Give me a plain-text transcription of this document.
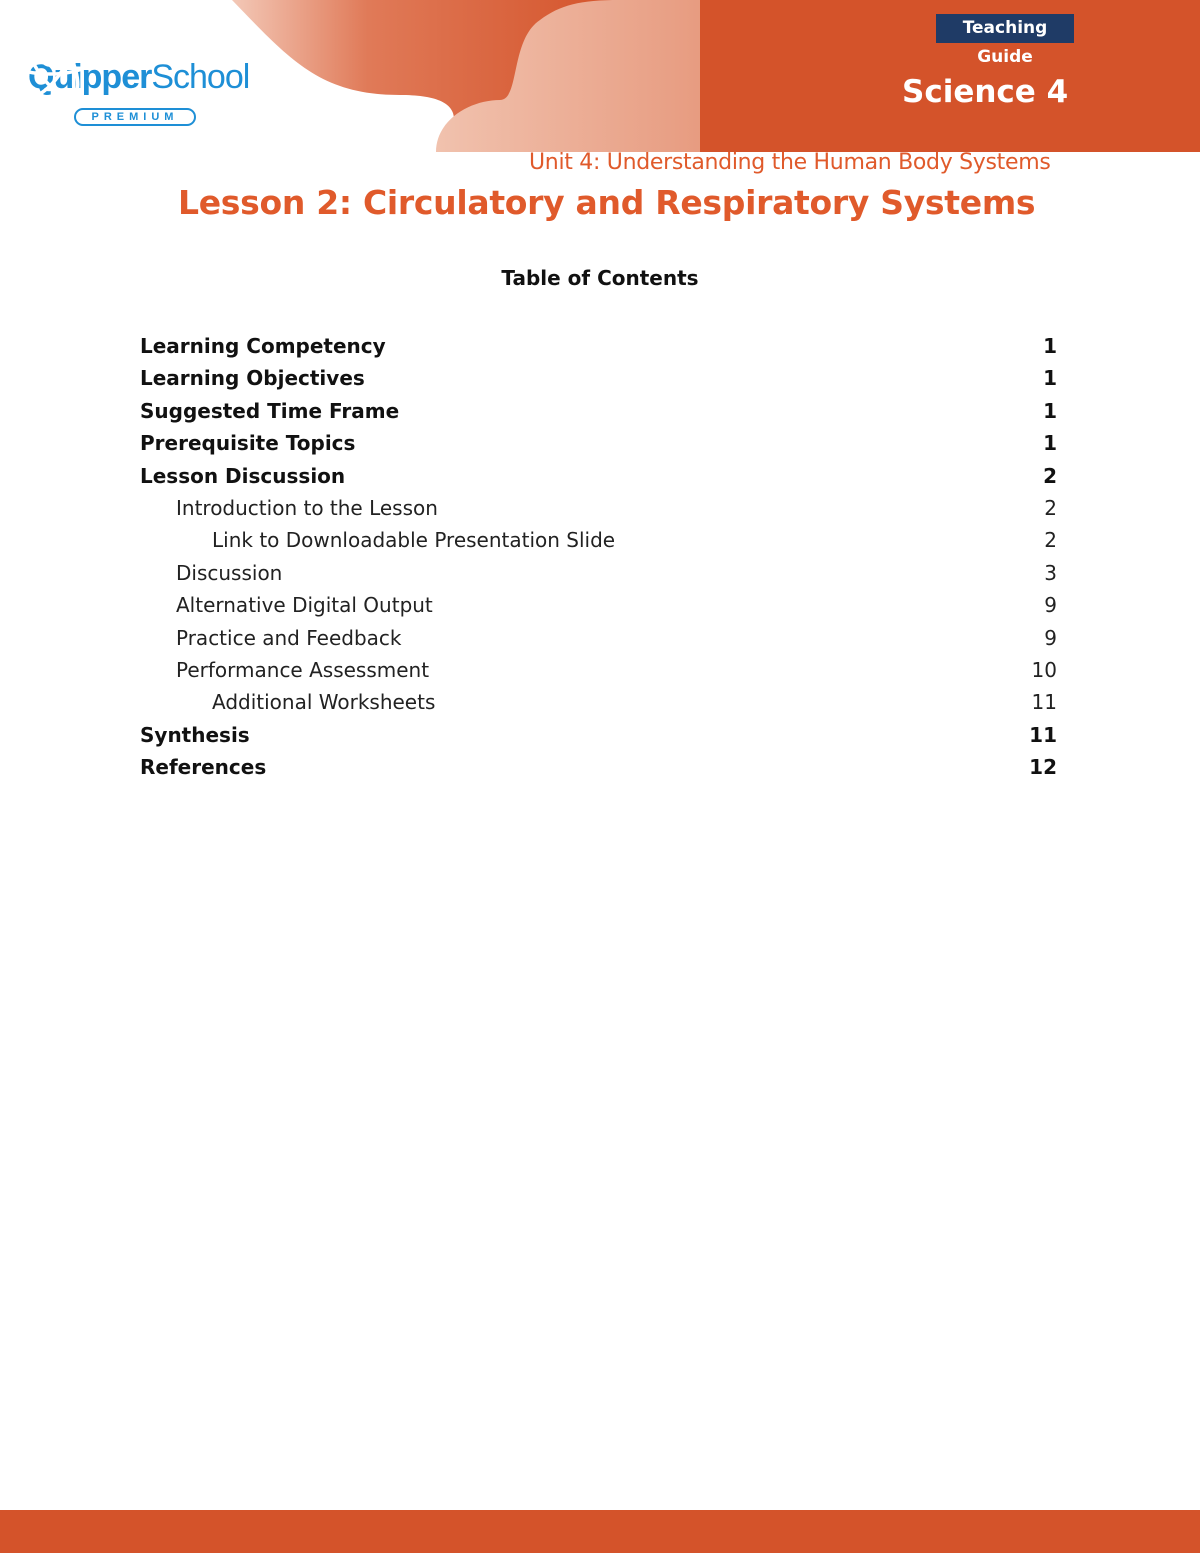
QuipperSchool
PREMIUM
Teaching Guide
Science 4
Unit 4: Understanding the Human Body Systems
Lesson 2: Circulatory and Respiratory Systems
Table of Contents
Learning Competency	1
Learning Objectives	1
Suggested Time Frame	1
Prerequisite Topics	1
Lesson Discussion	2
Introduction to the Lesson	2
Link to Downloadable Presentation Slide	2
Discussion	3
Alternative Digital Output	9
Practice and Feedback	9
Performance Assessment	10
Additional Worksheets	11
Synthesis	11
References	12
